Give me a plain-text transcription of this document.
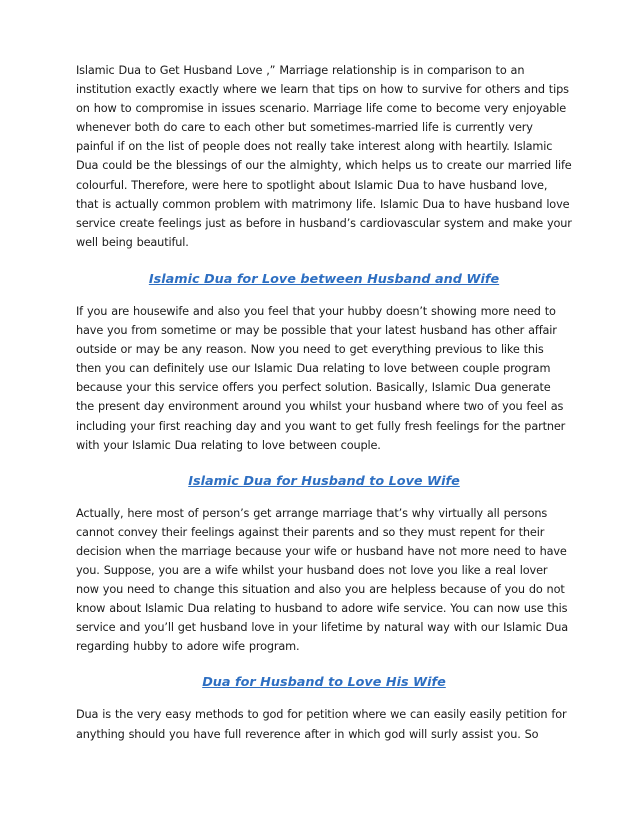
Islamic Dua to Get Husband Love ,” Marriage relationship is in comparison to an institution exactly exactly where we learn that tips on how to survive for others and tips on how to compromise in issues scenario. Marriage life come to become very enjoyable whenever both do care to each other but sometimes-married life is currently very painful if on the list of people does not really take interest along with heartily. Islamic Dua could be the blessings of our the almighty, which helps us to create our married life colourful. Therefore, were here to spotlight about Islamic Dua to have husband love, that is actually common problem with matrimony life. Islamic Dua to have husband love service create feelings just as before in husband’s cardiovascular system and make your well being beautiful.

Islamic Dua for Love between Husband and Wife

If you are housewife and also you feel that your hubby doesn’t showing more need to have you from sometime or may be possible that your latest husband has other affair outside or may be any reason. Now you need to get everything previous to like this then you can definitely use our Islamic Dua relating to love between couple program because your this service offers you perfect solution. Basically, Islamic Dua generate the present day environment around you whilst your husband where two of you feel as including your first reaching day and you want to get fully fresh feelings for the partner with your Islamic Dua relating to love between couple.

Islamic Dua for Husband to Love Wife

Actually, here most of person’s get arrange marriage that’s why virtually all persons cannot convey their feelings against their parents and so they must repent for their decision when the marriage because your wife or husband have not more need to have you. Suppose, you are a wife whilst your husband does not love you like a real lover now you need to change this situation and also you are helpless because of you do not know about Islamic Dua relating to husband to adore wife service. You can now use this service and you’ll get husband love in your lifetime by natural way with our Islamic Dua regarding hubby to adore wife program.

Dua for Husband to Love His Wife

Dua is the very easy methods to god for petition where we can easily easily petition for anything should you have full reverence after in which god will surly assist you. So
